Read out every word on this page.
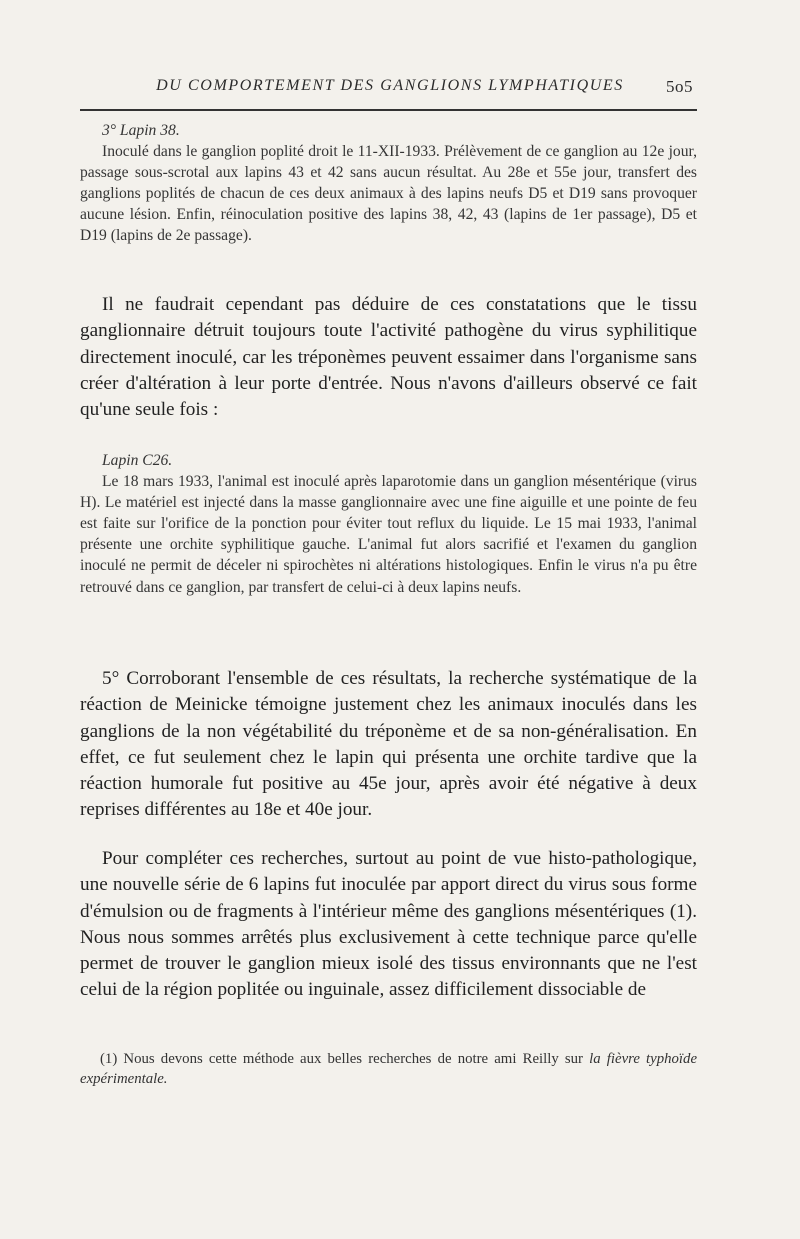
DU COMPORTEMENT DES GANGLIONS LYMPHATIQUES	5o5
3° Lapin 38.
Inoculé dans le ganglion poplité droit le 11-XII-1933. Prélèvement de ce ganglion au 12e jour, passage sous-scrotal aux lapins 43 et 42 sans aucun résultat. Au 28e et 55e jour, transfert des ganglions poplités de chacun de ces deux animaux à des lapins neufs D5 et D19 sans provoquer aucune lésion. Enfin, réinoculation positive des lapins 38, 42, 43 (lapins de 1er passage), D5 et D19 (lapins de 2e passage).
Il ne faudrait cependant pas déduire de ces constatations que le tissu ganglionnaire détruit toujours toute l'activité pathogène du virus syphilitique directement inoculé, car les tréponèmes peuvent essaimer dans l'organisme sans créer d'altération à leur porte d'entrée. Nous n'avons d'ailleurs observé ce fait qu'une seule fois :
Lapin C26.
Le 18 mars 1933, l'animal est inoculé après laparotomie dans un ganglion mésentérique (virus H). Le matériel est injecté dans la masse ganglionnaire avec une fine aiguille et une pointe de feu est faite sur l'orifice de la ponction pour éviter tout reflux du liquide. Le 15 mai 1933, l'animal présente une orchite syphilitique gauche. L'animal fut alors sacrifié et l'examen du ganglion inoculé ne permit de déceler ni spirochètes ni altérations histologiques. Enfin le virus n'a pu être retrouvé dans ce ganglion, par transfert de celui-ci à deux lapins neufs.
5° Corroborant l'ensemble de ces résultats, la recherche systématique de la réaction de Meinicke témoigne justement chez les animaux inoculés dans les ganglions de la non végétabilité du tréponème et de sa non-généralisation. En effet, ce fut seulement chez le lapin qui présenta une orchite tardive que la réaction humorale fut positive au 45e jour, après avoir été négative à deux reprises différentes au 18e et 40e jour.
Pour compléter ces recherches, surtout au point de vue histo-pathologique, une nouvelle série de 6 lapins fut inoculée par apport direct du virus sous forme d'émulsion ou de fragments à l'intérieur même des ganglions mésentériques (1). Nous nous sommes arrêtés plus exclusivement à cette technique parce qu'elle permet de trouver le ganglion mieux isolé des tissus environnants que ne l'est celui de la région poplitée ou inguinale, assez difficilement dissociable de
(1) Nous devons cette méthode aux belles recherches de notre ami Reilly sur la fièvre typhoïde expérimentale.
